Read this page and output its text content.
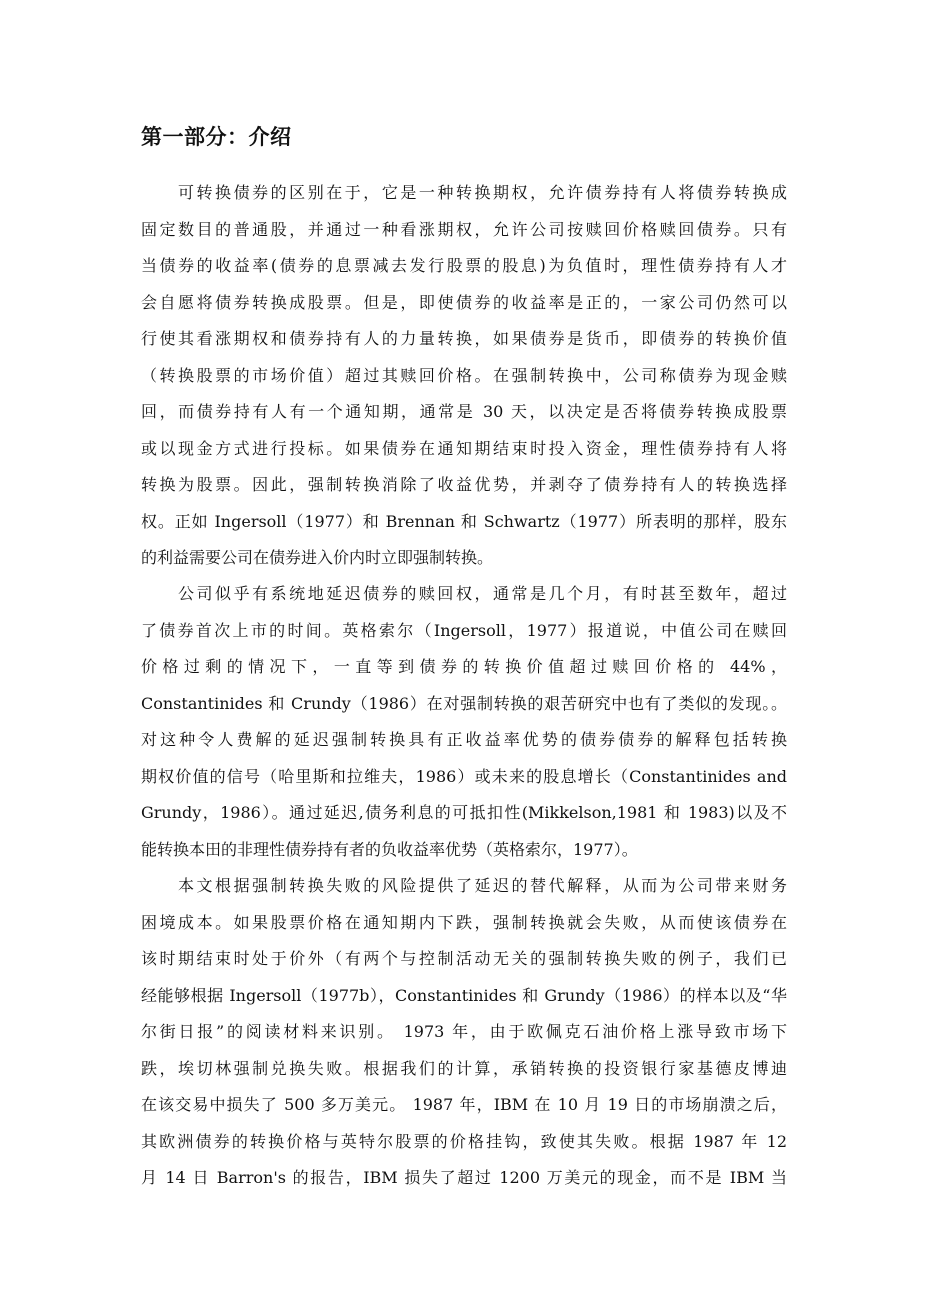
第一部分：介绍
可转换债券的区别在于，它是一种转换期权，允许债券持有人将债券转换成
固定数目的普通股，并通过一种看涨期权，允许公司按赎回价格赎回债券。只有
当债券的收益率(债券的息票减去发行股票的股息)为负值时，理性债券持有人才
会自愿将债券转换成股票。但是，即使债券的收益率是正的，一家公司仍然可以
行使其看涨期权和债券持有人的力量转换，如果债券是货币，即债券的转换价值
（转换股票的市场价值）超过其赎回价格。在强制转换中，公司称债券为现金赎
回，而债券持有人有一个通知期，通常是 30 天，以决定是否将债券转换成股票
或以现金方式进行投标。如果债券在通知期结束时投入资金，理性债券持有人将
转换为股票。因此，强制转换消除了收益优势，并剥夺了债券持有人的转换选择
权。正如 Ingersoll（1977）和 Brennan 和 Schwartz（1977）所表明的那样，股东
的利益需要公司在债券进入价内时立即强制转换。
公司似乎有系统地延迟债券的赎回权，通常是几个月，有时甚至数年，超过
了债券首次上市的时间。英格索尔（Ingersoll，1977）报道说，中值公司在赎回
价格过剩的情况下，一直等到债券的转换价值超过赎回价格的 44%，
Constantinides 和 Crundy（1986）在对强制转换的艰苦研究中也有了类似的发现。。
对这种令人费解的延迟强制转换具有正收益率优势的债券债券的解释包括转换
期权价值的信号（哈里斯和拉维夫，1986）或未来的股息增长（Constantinides and
Grundy，1986）。通过延迟,债务利息的可抵扣性(Mikkelson,1981 和 1983)以及不
能转换本田的非理性债券持有者的负收益率优势（英格索尔，1977）。
本文根据强制转换失败的风险提供了延迟的替代解释，从而为公司带来财务
困境成本。如果股票价格在通知期内下跌，强制转换就会失败，从而使该债券在
该时期结束时处于价外（有两个与控制活动无关的强制转换失败的例子，我们已
经能够根据 Ingersoll（1977b），Constantinides 和 Grundy（1986）的样本以及“华
尔街日报”的阅读材料来识别。 1973 年，由于欧佩克石油价格上涨导致市场下
跌，埃切林强制兑换失败。根据我们的计算，承销转换的投资银行家基德皮博迪
在该交易中损失了 500 多万美元。 1987 年，IBM 在 10 月 19 日的市场崩溃之后，
其欧洲债券的转换价格与英特尔股票的价格挂钩，致使其失败。根据 1987 年 12
月 14 日 Barron's 的报告，IBM 损失了超过 1200 万美元的现金，而不是 IBM 当
